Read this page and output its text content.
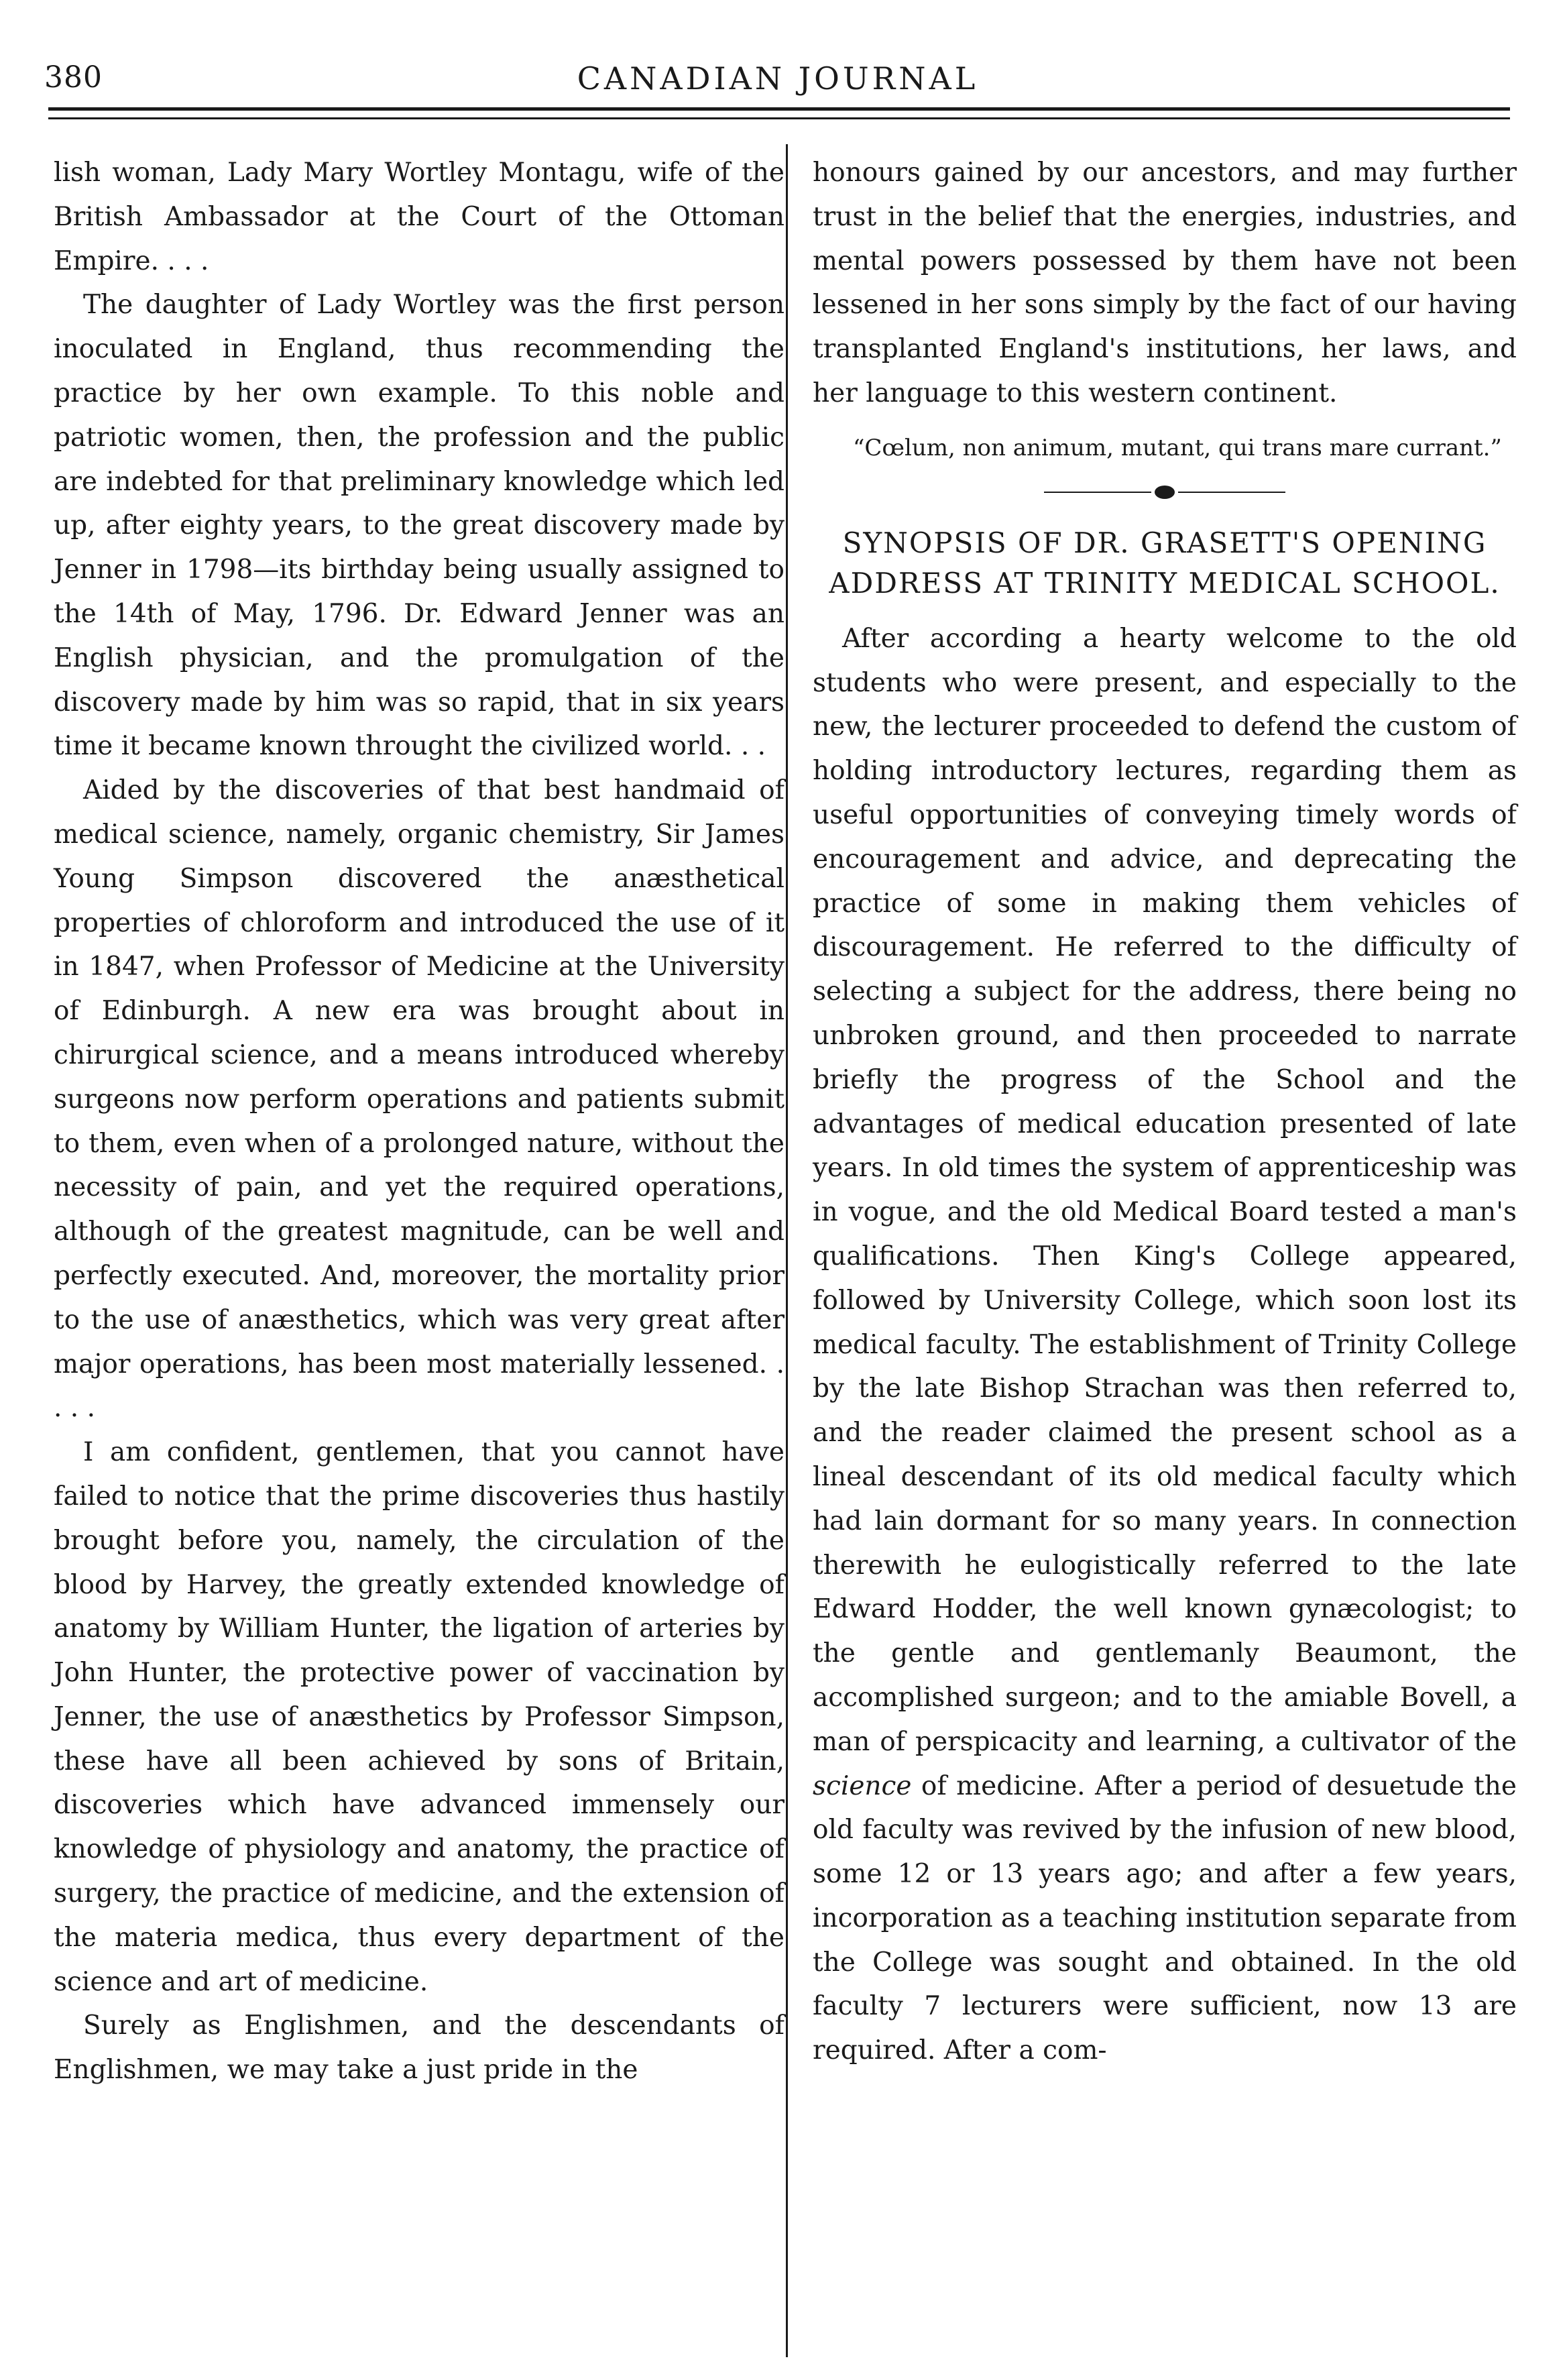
380	CANADIAN JOURNAL

lish woman, Lady Mary Wortley Montagu, wife of the British Ambassador at the Court of the Ottoman Empire. . . .

The daughter of Lady Wortley was the first person inoculated in England, thus recommending the practice by her own example. To this noble and patriotic women, then, the profession and the public are indebted for that preliminary knowledge which led up, after eighty years, to the great discovery made by Jenner in 1798—its birthday being usually assigned to the 14th of May, 1796. Dr. Edward Jenner was an English physician, and the promulgation of the discovery made by him was so rapid, that in six years time it became known throught the civilized world. . .

Aided by the discoveries of that best handmaid of medical science, namely, organic chemistry, Sir James Young Simpson discovered the anæsthetical properties of chloroform and introduced the use of it in 1847, when Professor of Medicine at the University of Edinburgh. A new era was brought about in chirurgical science, and a means introduced whereby surgeons now perform operations and patients submit to them, even when of a prolonged nature, without the necessity of pain, and yet the required operations, although of the greatest magnitude, can be well and perfectly executed. And, moreover, the mortality prior to the use of anæsthetics, which was very great after major operations, has been most materially lessened. . . . .

I am confident, gentlemen, that you cannot have failed to notice that the prime discoveries thus hastily brought before you, namely, the circulation of the blood by Harvey, the greatly extended knowledge of anatomy by William Hunter, the ligation of arteries by John Hunter, the protective power of vaccination by Jenner, the use of anæsthetics by Professor Simpson, these have all been achieved by sons of Britain, discoveries which have advanced immensely our knowledge of physiology and anatomy, the practice of surgery, the practice of medicine, and the extension of the materia medica, thus every department of the science and art of medicine.

Surely as Englishmen, and the descendants of Englishmen, we may take a just pride in the

honours gained by our ancestors, and may further trust in the belief that the energies, industries, and mental powers possessed by them have not been lessened in her sons simply by the fact of our having transplanted England's institutions, her laws, and her language to this western continent.

“Cœlum, non animum, mutant, qui trans mare currant.”
SYNOPSIS OF DR. GRASETT'S OPENING ADDRESS AT TRINITY MEDICAL SCHOOL.

After according a hearty welcome to the old students who were present, and especially to the new, the lecturer proceeded to defend the custom of holding introductory lectures, regarding them as useful opportunities of conveying timely words of encouragement and advice, and deprecating the practice of some in making them vehicles of discouragement. He referred to the difficulty of selecting a subject for the address, there being no unbroken ground, and then proceeded to narrate briefly the progress of the School and the advantages of medical education presented of late years. In old times the system of apprenticeship was in vogue, and the old Medical Board tested a man's qualifications. Then King's College appeared, followed by University College, which soon lost its medical faculty. The establishment of Trinity College by the late Bishop Strachan was then referred to, and the reader claimed the present school as a lineal descendant of its old medical faculty which had lain dormant for so many years. In connection therewith he eulogistically referred to the late Edward Hodder, the well known gynæcologist; to the gentle and gentlemanly Beaumont, the accomplished surgeon; and to the amiable Bovell, a man of perspicacity and learning, a cultivator of the science of medicine. After a period of desuetude the old faculty was revived by the infusion of new blood, some 12 or 13 years ago; and after a few years, incorporation as a teaching institution separate from the College was sought and obtained. In the old faculty 7 lecturers were sufficient, now 13 are required. After a com-
